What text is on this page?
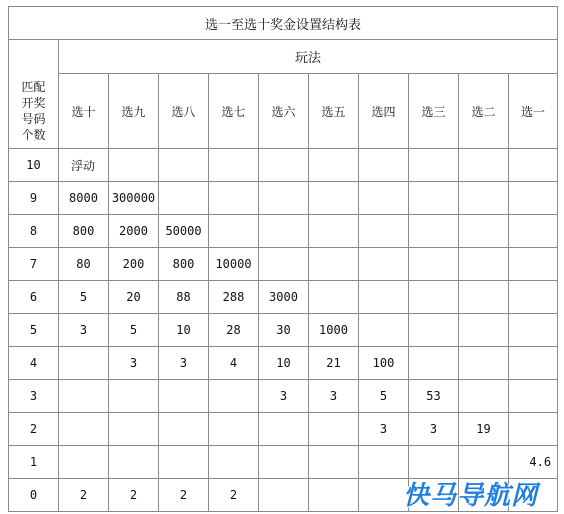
选一至选十奖金设置结构表										
	玩法									

匹配
开奖
号码
个数	选十	选九	选八	选七	选六	选五	选四	选三	选二	选一
10	浮动									
9	8000	300000								
8	800	2000	50000							
7	80	200	800	10000						
6	5	20	88	288	3000					
5	3	5	10	28	30	1000				
4		3	3	4	10	21	100			
3					3	3	5	53		
2							3	3	19	
1										4.6
0	2	2	2	2							快马导航网
